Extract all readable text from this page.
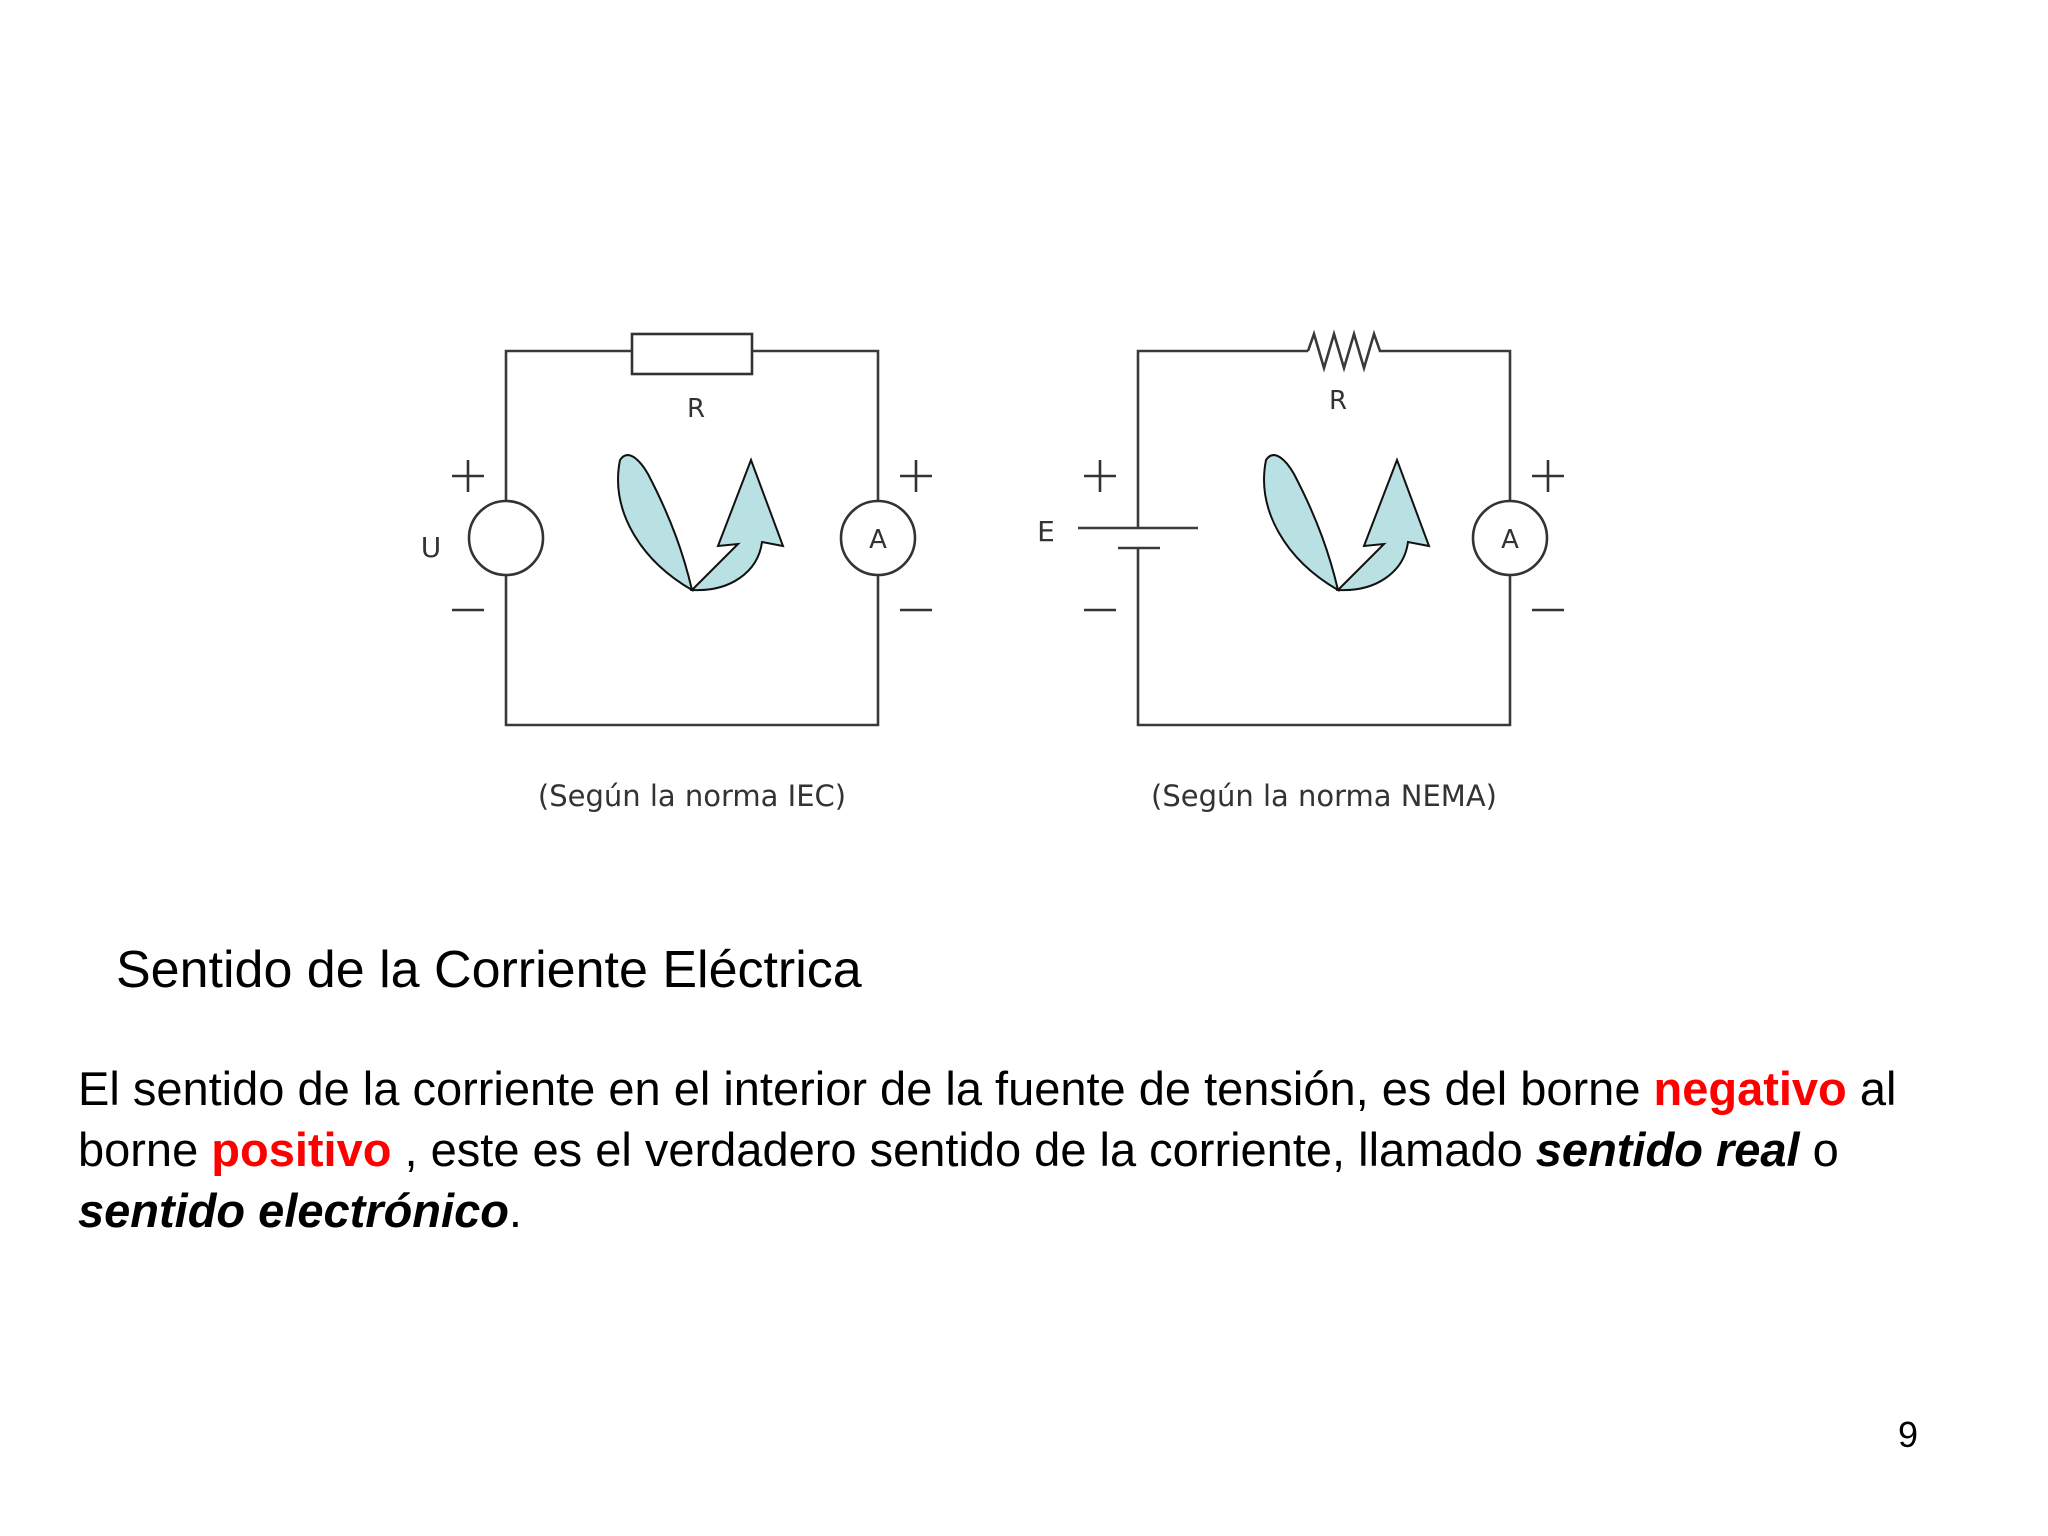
R
U	A
(Según la norma IEC)
R
E	A
(Según la norma NEMA)
Sentido de la Corriente Eléctrica
El sentido de la corriente en el interior de la fuente de tensión, es del borne negativo al borne positivo , este es el verdadero sentido de la corriente, llamado sentido real o sentido electrónico.
9
